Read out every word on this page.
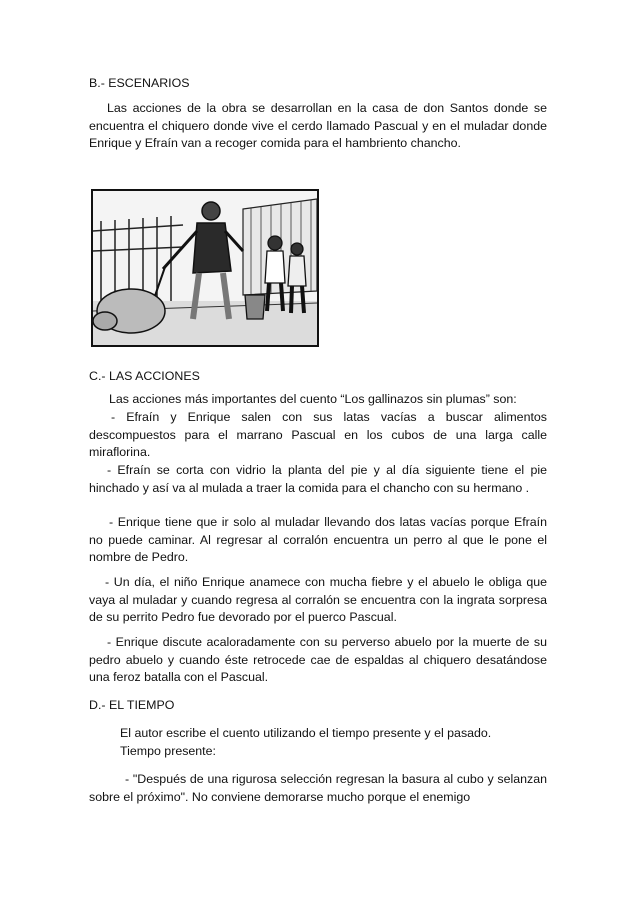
B.- ESCENARIOS
Las acciones de la obra se desarrollan en la casa de don Santos donde se encuentra el chiquero donde vive el cerdo llamado Pascual y en el muladar donde Enrique y Efraín van a recoger comida para el hambriento chancho.
C.- LAS ACCIONES
Las acciones más importantes del cuento “Los gallinazos sin plumas” son:
- Efraín y Enrique salen con sus latas vacías a buscar alimentos descompuestos para el marrano Pascual en los cubos de una larga calle miraflorina.
- Efraín se corta con vidrio la planta del pie y al día siguiente tiene el pie hinchado y así va al mulada a traer la comida para el chancho con su hermano .
- Enrique tiene que ir solo al muladar llevando dos latas vacías porque Efraín no puede caminar. Al regresar al corralón encuentra un perro al que le pone el nombre de Pedro.
- Un día, el niño Enrique anamece con mucha fiebre y el abuelo le obliga que vaya al muladar y cuando regresa al corralón se encuentra con la ingrata sorpresa de su perrito Pedro fue devorado por el puerco Pascual.
- Enrique discute acaloradamente con su perverso abuelo por la muerte de su pedro abuelo y cuando éste retrocede cae de espaldas al chiquero desatándose una feroz batalla con el Pascual.
D.- EL TIEMPO
El autor escribe el cuento utilizando el tiempo presente y el pasado.
Tiempo presente:
- "Después de una rigurosa selección regresan la basura al cubo y selanzan sobre el próximo". No conviene demorarse mucho porque el enemigo
